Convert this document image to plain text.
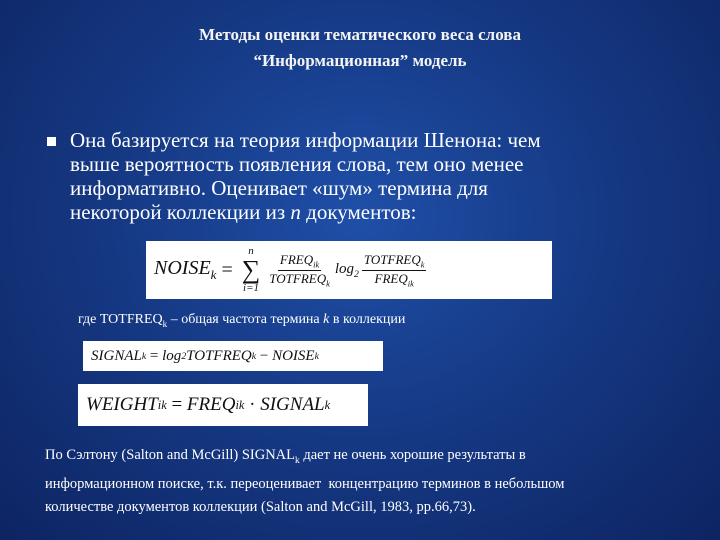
Методы оценки тематического веса слова
“Информационная” модель
Она базируется на теория информации Шенона: чем
выше вероятность появления слова, тем оно менее
информативно. Оценивает «шум» термина для
некоторой коллекции из n документов:
$NOISE_k$ =
n
∑
$i=1 \frac{FREQ_{ik}}{TOTFREQ_k} \log_2 \frac{TOTFREQ_k}{FREQ_{ik}}$
где $TOTFREQ_k$ – общая частота термина k в коллекции
SIGNAL k = log 2 TOTFREQ k − NOISE k
WEIGHT ik = FREQ ik · SIGNAL k
По Сэлтону (Salton and McGill) $SIGNAL_k$ дает не очень хорошие результаты в
информационном поиске, т.к. переоценивает  концентрацию терминов в небольшом
количестве документов коллекции (Salton and McGill, 1983, pp.66,73).
